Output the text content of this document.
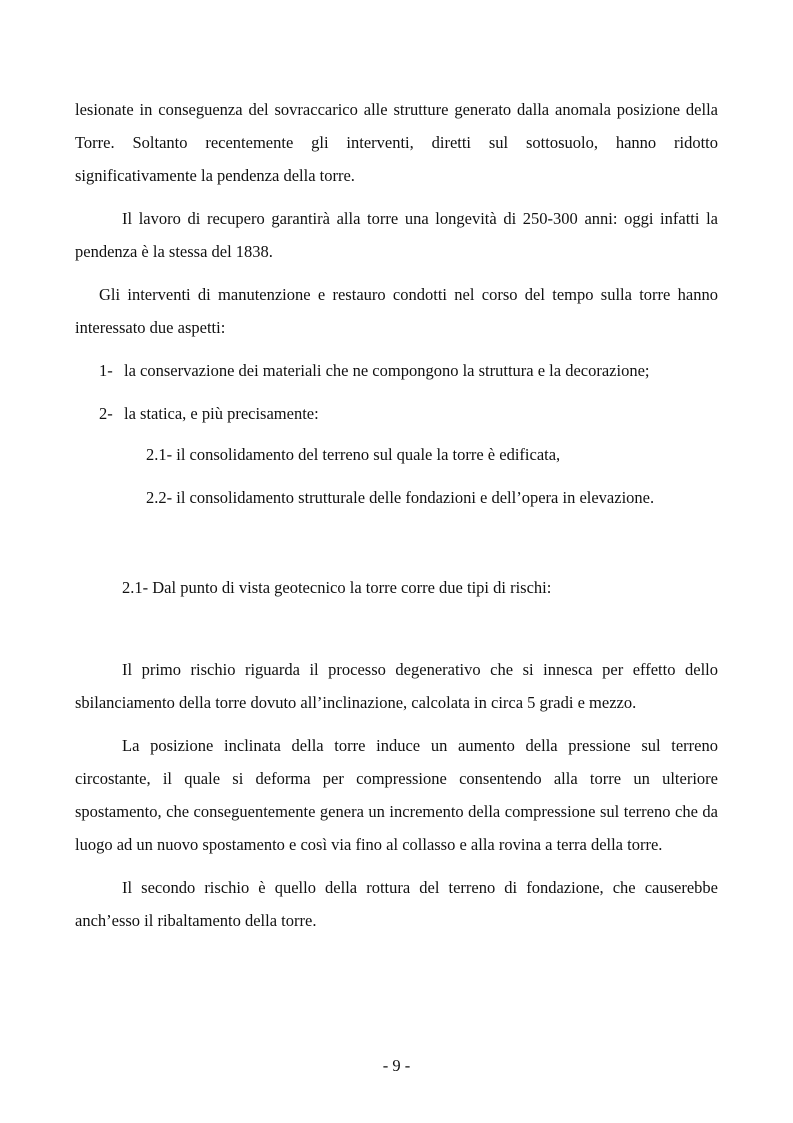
lesionate in conseguenza del sovraccarico alle strutture generato dalla anomala posizione della Torre. Soltanto recentemente gli interventi, diretti sul sottosuolo, hanno ridotto significativamente la pendenza della torre.

Il lavoro di recupero garantirà alla torre una longevità di 250-300 anni: oggi infatti la pendenza è la stessa del 1838.

Gli interventi di manutenzione e restauro condotti nel corso del tempo sulla torre hanno interessato due aspetti:

1- la conservazione dei materiali che ne compongono la struttura e la decorazione;
2- la statica, e più precisamente:
2.1- il consolidamento del terreno sul quale la torre è edificata,
2.2- il consolidamento strutturale delle fondazioni e dell’opera in elevazione.
2.1- Dal punto di vista geotecnico la torre corre due tipi di rischi:

Il primo rischio riguarda il processo degenerativo che si innesca per effetto dello sbilanciamento della torre dovuto all’inclinazione, calcolata in circa 5 gradi e mezzo.

La posizione inclinata della torre induce un aumento della pressione sul terreno circostante, il quale si deforma per compressione consentendo alla torre un ulteriore spostamento, che conseguentemente genera un incremento della compressione sul terreno che da luogo ad un nuovo spostamento e così via fino al collasso e alla rovina a terra della torre.

Il secondo rischio è quello della rottura del terreno di fondazione, che causerebbe anch’esso il ribaltamento della torre.

- 9 -
